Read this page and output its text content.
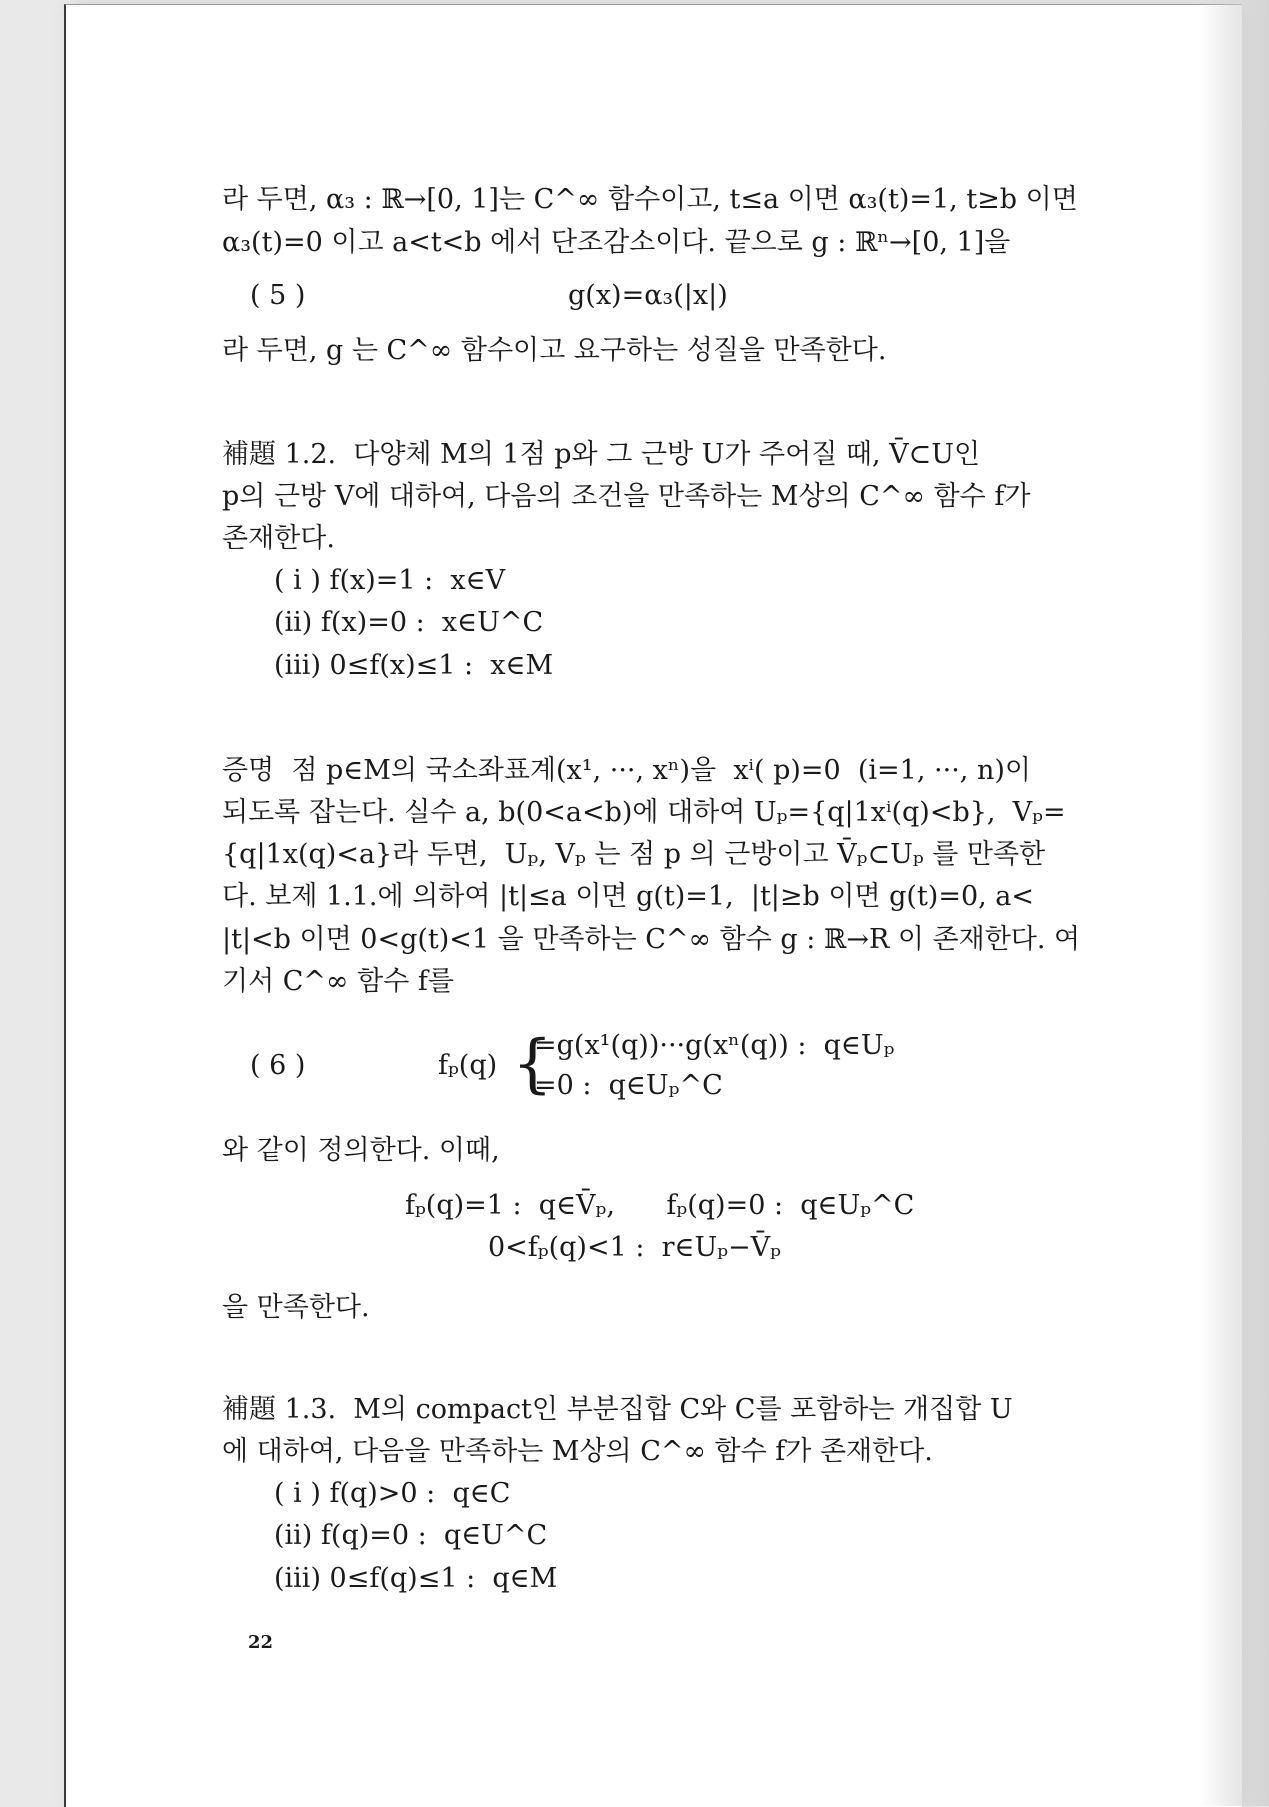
라 두면, α₃ : ℝ→[0, 1]는 C^∞ 함수이고, t≤a 이면 α₃(t)=1, t≥b 이면
α₃(t)=0 이고 a<t<b 에서 단조감소이다. 끝으로 g : ℝⁿ→[0, 1]을
( 5 )	g(x)=α₃(|x|)
라 두면, g 는 C^∞ 함수이고 요구하는 성질을 만족한다.
補題 1.2.  다양체 M의 1점 p와 그 근방 U가 주어질 때, V̄⊂U인
p의 근방 V에 대하여, 다음의 조건을 만족하는 M상의 C^∞ 함수 f가
존재한다.
( i ) f(x)=1 :  x∈V
(ii) f(x)=0 :  x∈U^C
(iii) 0≤f(x)≤1 :  x∈M
증명  점 p∈M의 국소좌표계(x¹, ···, xⁿ)을  xⁱ( p)=0  (i=1, ···, n)이
되도록 잡는다. 실수 a, b(0<a<b)에 대하여 Uₚ={q|1xⁱ(q)<b},  Vₚ=
{q|1x(q)<a}라 두면,  Uₚ, Vₚ 는 점 p 의 근방이고 V̄ₚ⊂Uₚ 를 만족한
다. 보제 1.1.에 의하여 |t|≤a 이면 g(t)=1,  |t|≥b 이면 g(t)=0, a<
|t|<b 이면 0<g(t)<1 을 만족하는 C^∞ 함수 g : ℝ→R 이 존재한다. 여
기서 C^∞ 함수 f를
( 6 )	fₚ(q) {
=g(x¹(q))···g(xⁿ(q)) :  q∈Uₚ
=0 :  q∈Uₚ^C
와 같이 정의한다. 이때,
fₚ(q)=1 :  q∈V̄ₚ,      fₚ(q)=0 :  q∈Uₚ^C
0<fₚ(q)<1 :  r∈Uₚ−V̄ₚ
을 만족한다.
補題 1.3.  M의 compact인 부분집합 C와 C를 포함하는 개집합 U
에 대하여, 다음을 만족하는 M상의 C^∞ 함수 f가 존재한다.
( i ) f(q)>0 :  q∈C
(ii) f(q)=0 :  q∈U^C
(iii) 0≤f(q)≤1 :  q∈M
22
